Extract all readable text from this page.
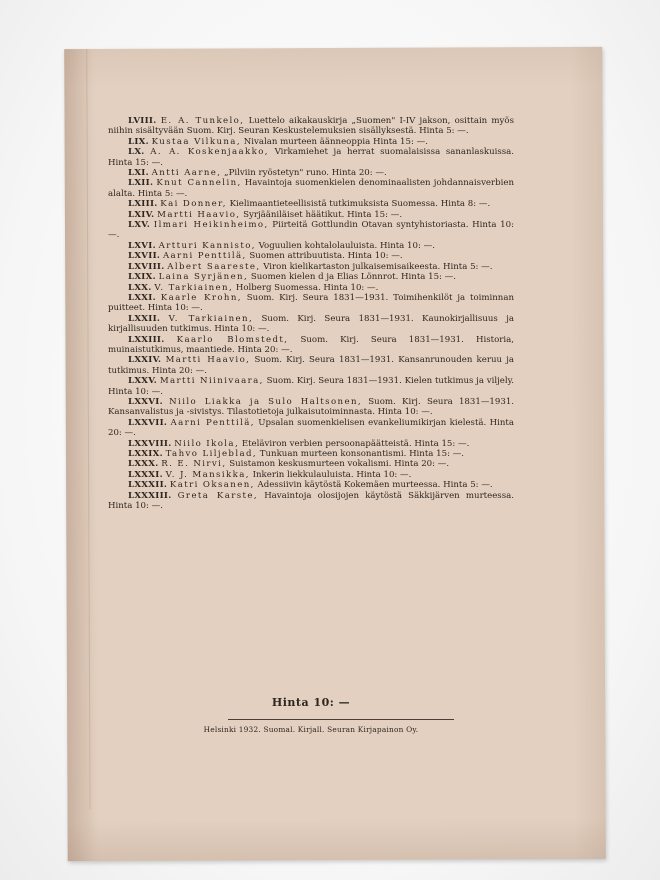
LVIII. E. A. Tunkelo, Luettelo aikakauskirja „Suomen" I-IV jakson, osittain myös niihin sisältyvään Suom. Kirj. Seuran Keskustelemuksien sisällyksestä. Hinta 5: —.

LIX. Kustaa Vilkuna, Nivalan murteen äänneoppia Hinta 15: —.

LX. A. A. Koskenjaakko, Virkamiehet ja herrat suomalaisissa sananlaskuissa. Hinta 15: —.

LXI. Antti Aarne, „Pilviin ryöstetyn" runo. Hinta 20: —.

LXII. Knut Cannelin, Havaintoja suomenkielen denominaalisten johdannaisverbien alalta. Hinta 5: —.

LXIII. Kai Donner, Kielimaantieteellisistä tutkimuksista Suomessa. Hinta 8: —.

LXIV. Martti Haavio, Syrjääniläiset häätikut. Hinta 15: —.

LXV. Ilmari Heikinheimo, Piirteitä Gottlundin Otavan syntyhistoriasta. Hinta 10: —.

LXVI. Artturi Kannisto, Voguulien kohtalolauluista. Hinta 10: —.

LXVII. Aarni Penttilä, Suomen attribuutista. Hinta 10: —.

LXVIII. Albert Saareste, Viron kielikartaston julkaisemisaikeesta. Hinta 5: —.

LXIX. Laina Syrjänen, Suomen kielen d ja Elias Lönnrot. Hinta 15: —.

LXX. V. Tarkiainen, Holberg Suomessa. Hinta 10: —.

LXXI. Kaarle Krohn, Suom. Kirj. Seura 1831—1931. Toimihenkilöt ja toiminnan puitteet. Hinta 10: —.

LXXII. V. Tarkiainen, Suom. Kirj. Seura 1831—1931. Kaunokirjallisuus ja kirjallisuuden tutkimus. Hinta 10: —.

LXXIII. Kaarlo Blomstedt, Suom. Kirj. Seura 1831—1931. Historia, muinaistutkimus, maantiede. Hinta 20: —.

LXXIV. Martti Haavio, Suom. Kirj. Seura 1831—1931. Kansanrunouden keruu ja tutkimus. Hinta 20: —.

LXXV. Martti Niinivaara, Suom. Kirj. Seura 1831—1931. Kielen tutkimus ja viljely. Hinta 10: —.

LXXVI. Niilo Liakka ja Sulo Haltsonen, Suom. Kirj. Seura 1831—1931. Kansanvalistus ja -sivistys. Tilastotietoja julkaisutoiminnasta. Hinta 10: —.

LXXVII. Aarni Penttilä, Upsalan suomenkielisen evankeliumikirjan kielestä. Hinta 20: —.

LXXVIII. Niilo Ikola, Eteläviron verbien persoonapäätteistä. Hinta 15: —.

LXXIX. Tahvo Liljeblad, Tunkuan murteen konsonantismi. Hinta 15: —.

LXXX. R. E. Nirvi, Suistamon keskusmurteen vokalismi. Hinta 20: —.

LXXXI. V. J. Mansikka, Inkerin liekkulauluista. Hinta 10: —.

LXXXII. Katri Oksanen, Adessiivin käytöstä Kokemäen murteessa. Hinta 5: —.

LXXXIII. Greta Karste, Havaintoja olosijojen käytöstä Säkkijärven murteessa. Hinta 10: —.

Hinta 10: —
Helsinki 1932. Suomal. Kirjall. Seuran Kirjapainon Oy.
